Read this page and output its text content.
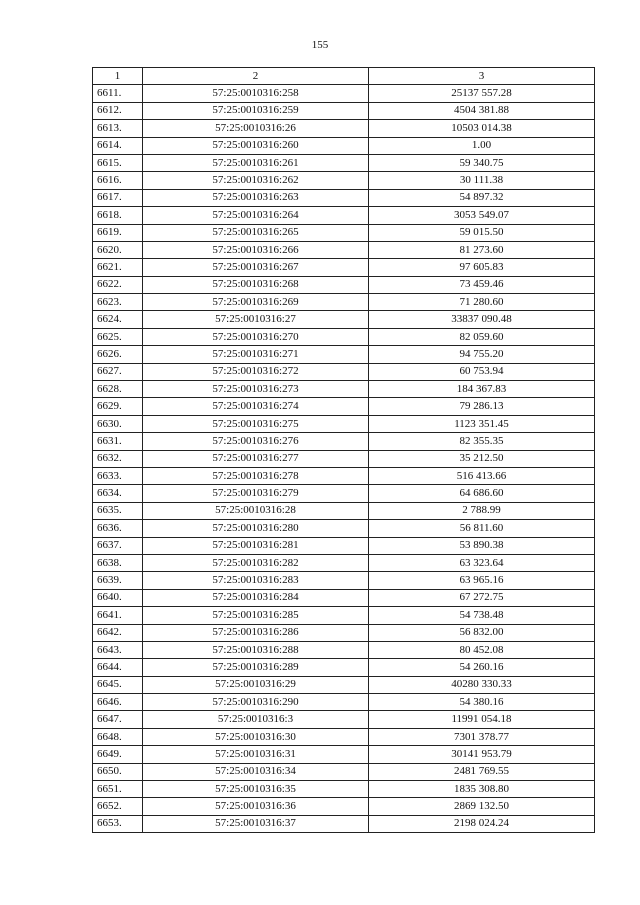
155
1	2	3
6611.	57:25:0010316:258	25137 557.28
6612.	57:25:0010316:259	4504 381.88
6613.	57:25:0010316:26	10503 014.38
6614.	57:25:0010316:260	1.00
6615.	57:25:0010316:261	59 340.75
6616.	57:25:0010316:262	30 111.38
6617.	57:25:0010316:263	54 897.32
6618.	57:25:0010316:264	3053 549.07
6619.	57:25:0010316:265	59 015.50
6620.	57:25:0010316:266	81 273.60
6621.	57:25:0010316:267	97 605.83
6622.	57:25:0010316:268	73 459.46
6623.	57:25:0010316:269	71 280.60
6624.	57:25:0010316:27	33837 090.48
6625.	57:25:0010316:270	82 059.60
6626.	57:25:0010316:271	94 755.20
6627.	57:25:0010316:272	60 753.94
6628.	57:25:0010316:273	184 367.83
6629.	57:25:0010316:274	79 286.13
6630.	57:25:0010316:275	1123 351.45
6631.	57:25:0010316:276	82 355.35
6632.	57:25:0010316:277	35 212.50
6633.	57:25:0010316:278	516 413.66
6634.	57:25:0010316:279	64 686.60
6635.	57:25:0010316:28	2 788.99
6636.	57:25:0010316:280	56 811.60
6637.	57:25:0010316:281	53 890.38
6638.	57:25:0010316:282	63 323.64
6639.	57:25:0010316:283	63 965.16
6640.	57:25:0010316:284	67 272.75
6641.	57:25:0010316:285	54 738.48
6642.	57:25:0010316:286	56 832.00
6643.	57:25:0010316:288	80 452.08
6644.	57:25:0010316:289	54 260.16
6645.	57:25:0010316:29	40280 330.33
6646.	57:25:0010316:290	54 380.16
6647.	57:25:0010316:3	11991 054.18
6648.	57:25:0010316:30	7301 378.77
6649.	57:25:0010316:31	30141 953.79
6650.	57:25:0010316:34	2481 769.55
6651.	57:25:0010316:35	1835 308.80
6652.	57:25:0010316:36	2869 132.50
6653.	57:25:0010316:37	2198 024.24
